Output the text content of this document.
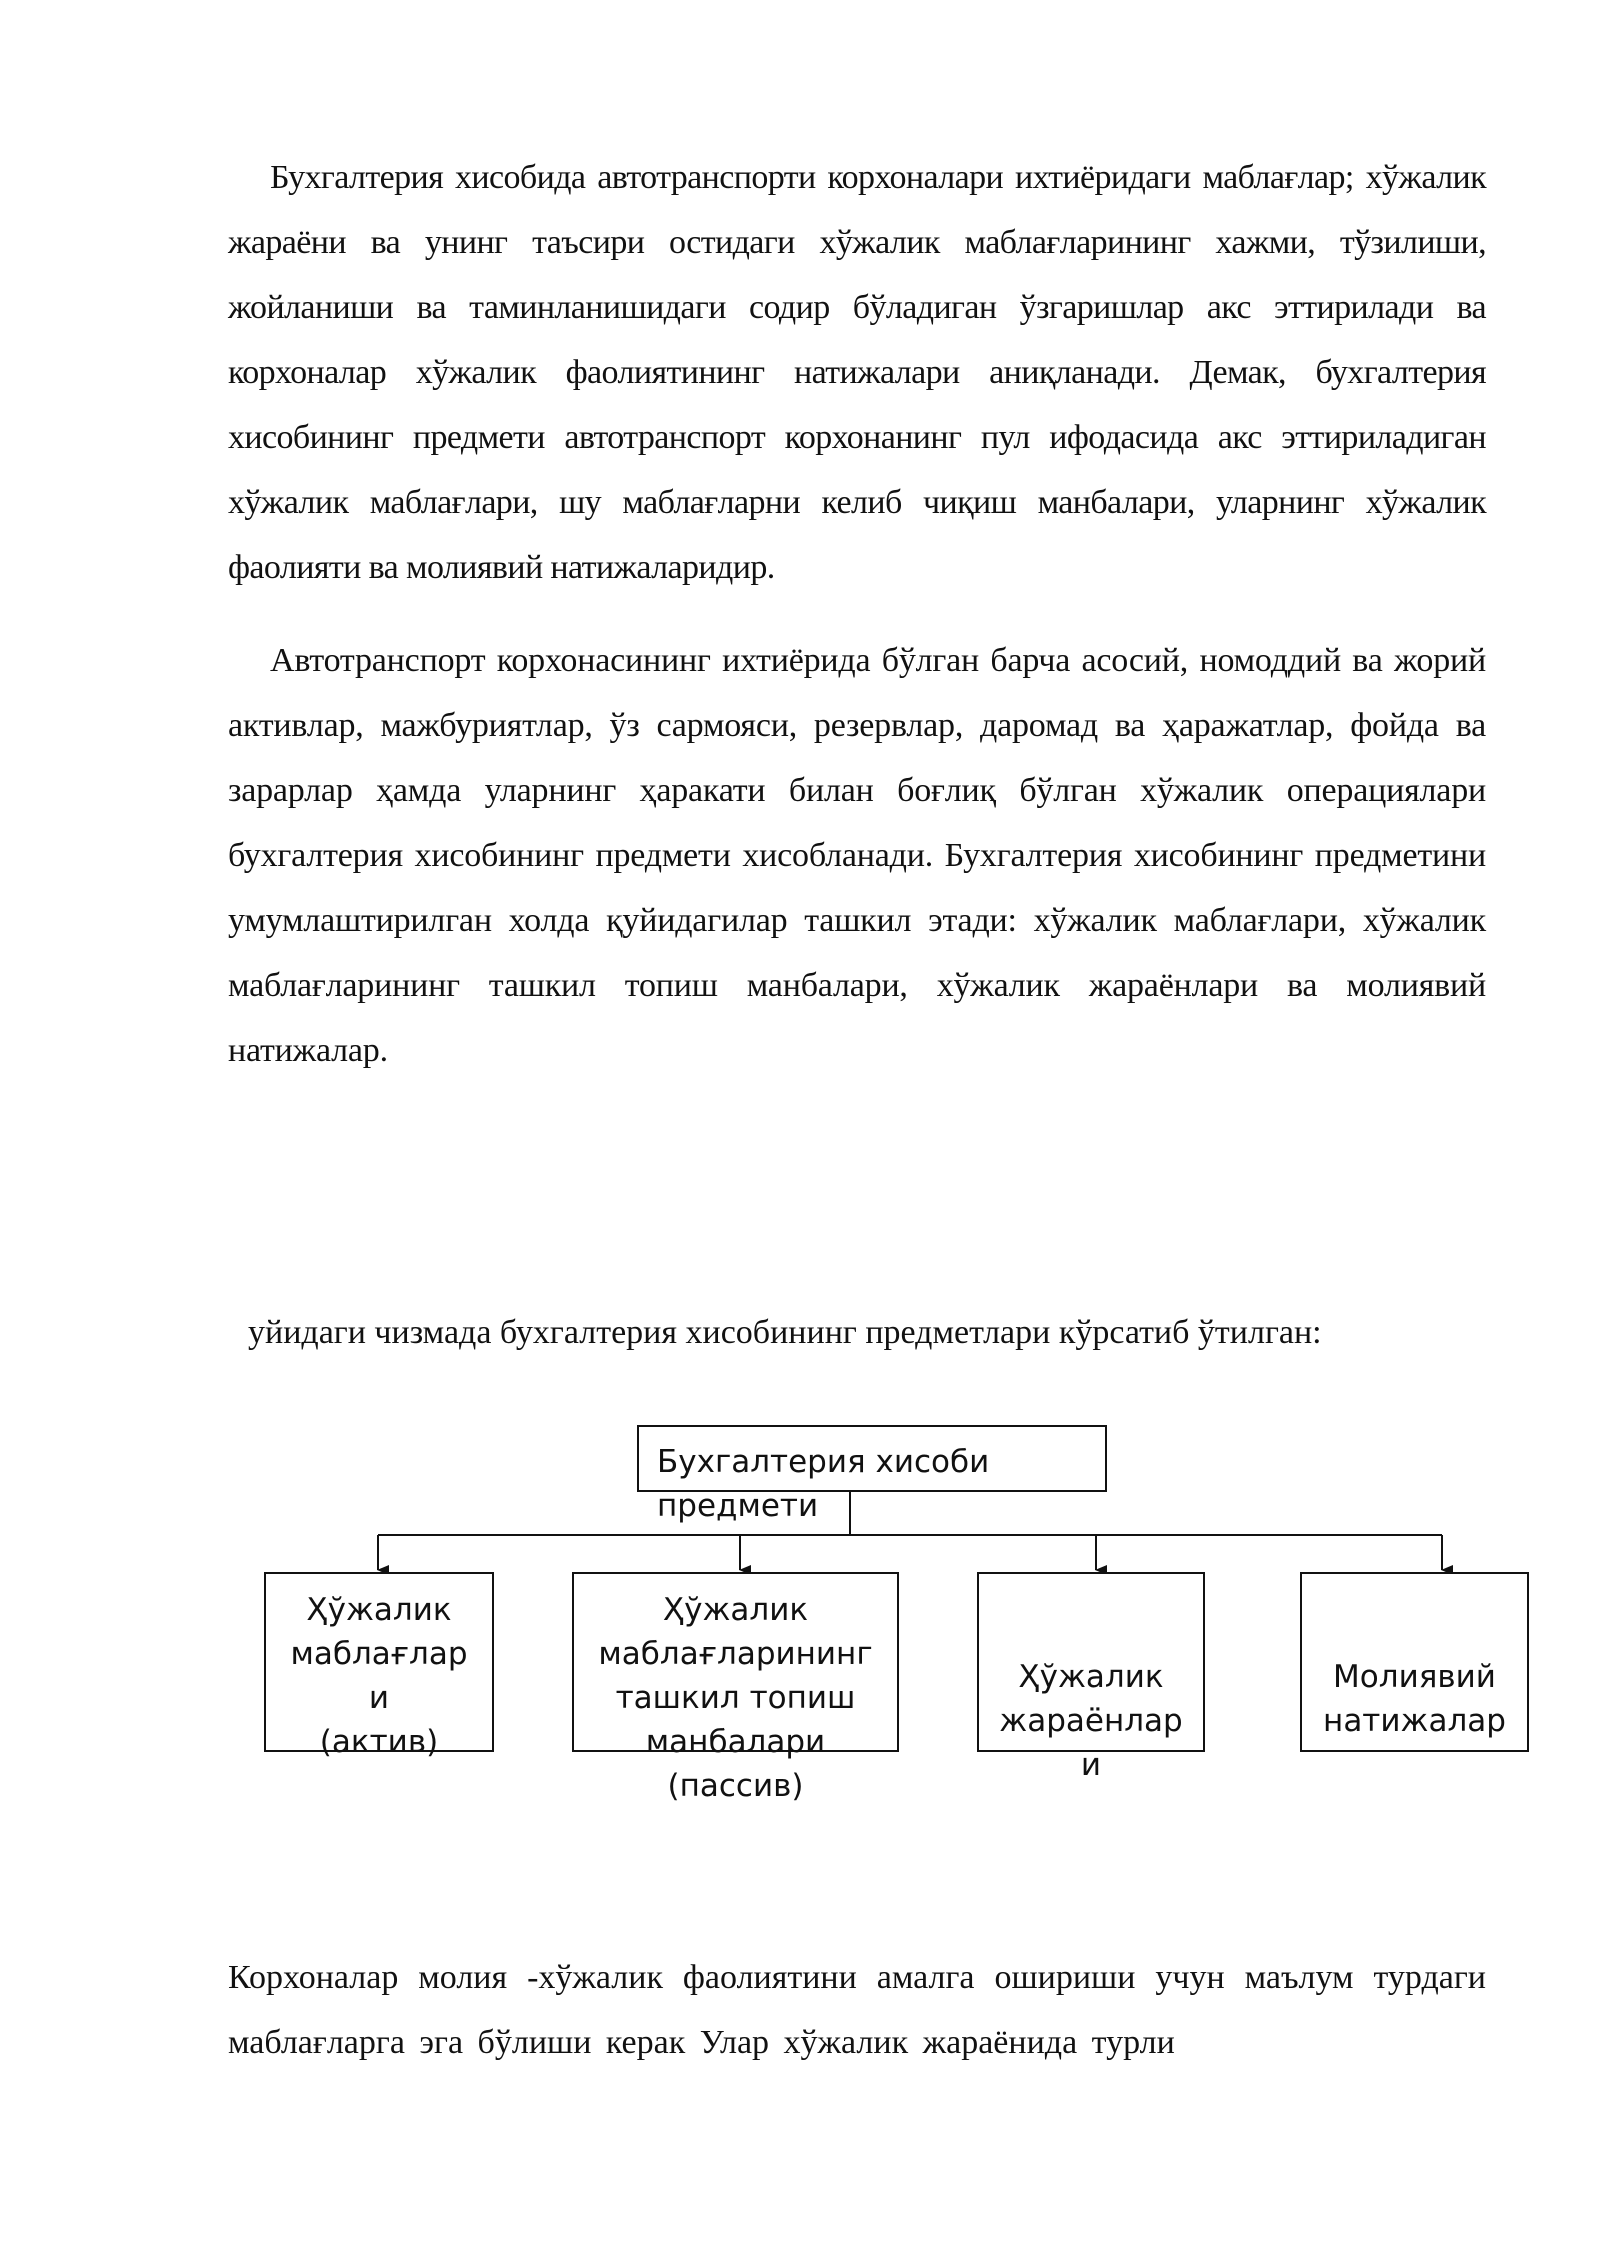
Бухгалтерия хисобида автотранспорти корхоналари ихтиёридаги маблағлар; хўжалик жараёни ва унинг таъсири остидаги хўжалик маблағларининг хажми, тўзилиши, жойланиши ва таминланишидаги содир бўладиган ўзгаришлар акс эттирилади ва корхоналар хўжалик фаолиятининг натижалари аниқланади. Демак, бухгалтерия хисобининг предмети автотранспорт корхонанинг пул ифодасида акс эттириладиган хўжалик маблағлари, шу маблағларни келиб чиқиш манбалари, уларнинг хўжалик фаолияти ва молиявий натижаларидир.

Автотранспорт корхонасининг ихтиёрида бўлган барча асосий, номоддий ва жорий активлар, мажбуриятлар, ўз сармояси, резервлар, даромад ва ҳаражатлар, фойда ва зарарлар ҳамда уларнинг ҳаракати билан боғлиқ бўлган хўжалик операциялари бухгалтерия хисобининг предмети хисобланади. Бухгалтерия хисобининг предметини умумлаштирилган холда қуйидагилар ташкил этади: хўжалик маблағлари, хўжалик маблағларининг ташкил топиш манбалари, хўжалик жараёнлари ва молиявий натижалар.

уйидаги чизмада бухгалтерия хисобининг предметлари кўрсатиб ўтилган:

Бухгалтерия хисоби
предмети
Ҳўжалик
маблағлар
и
(актив)
Ҳўжалик
маблағларининг
ташкил топиш
манбалари
(пассив)
Ҳўжалик
жараёнлар
и
Молиявий
натижалар

Корхоналар молия -хўжалик фаолиятини амалга ошириши учун маълум турдаги маблағларга эга бўлиши керак Улар хўжалик жараёнида турли
